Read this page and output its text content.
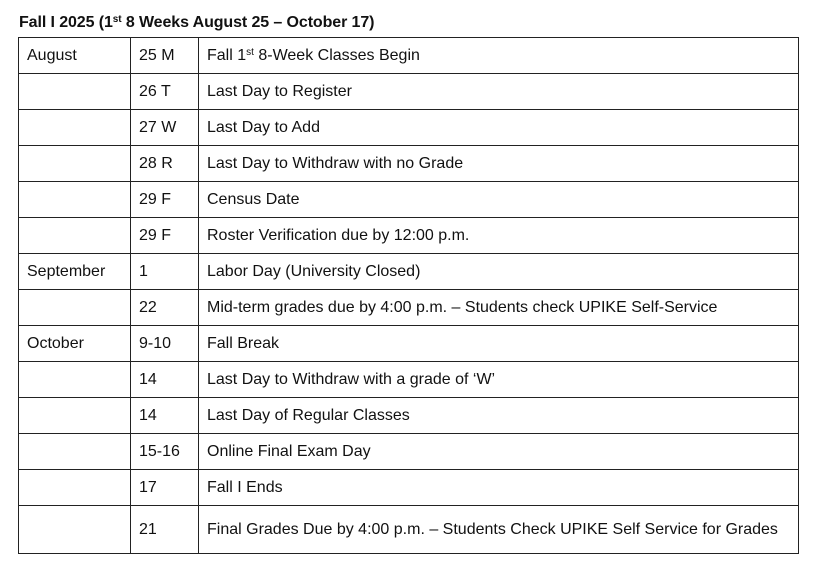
Fall I 2025 (1st 8 Weeks August 25 – October 17)
August	25 M	Fall 1st 8-Week Classes Begin
	26 T	Last Day to Register
	27 W	Last Day to Add
	28 R	Last Day to Withdraw with no Grade
	29 F	Census Date
	29 F	Roster Verification due by 12:00 p.m.
September	1	Labor Day (University Closed)
	22	Mid-term grades due by 4:00 p.m. – Students check UPIKE Self-Service
October	9-10	Fall Break
	14	Last Day to Withdraw with a grade of ‘W’
	14	Last Day of Regular Classes
	15-16	Online Final Exam Day
	17	Fall I Ends
	21	Final Grades Due by 4:00 p.m. – Students Check UPIKE Self Service for Grades
